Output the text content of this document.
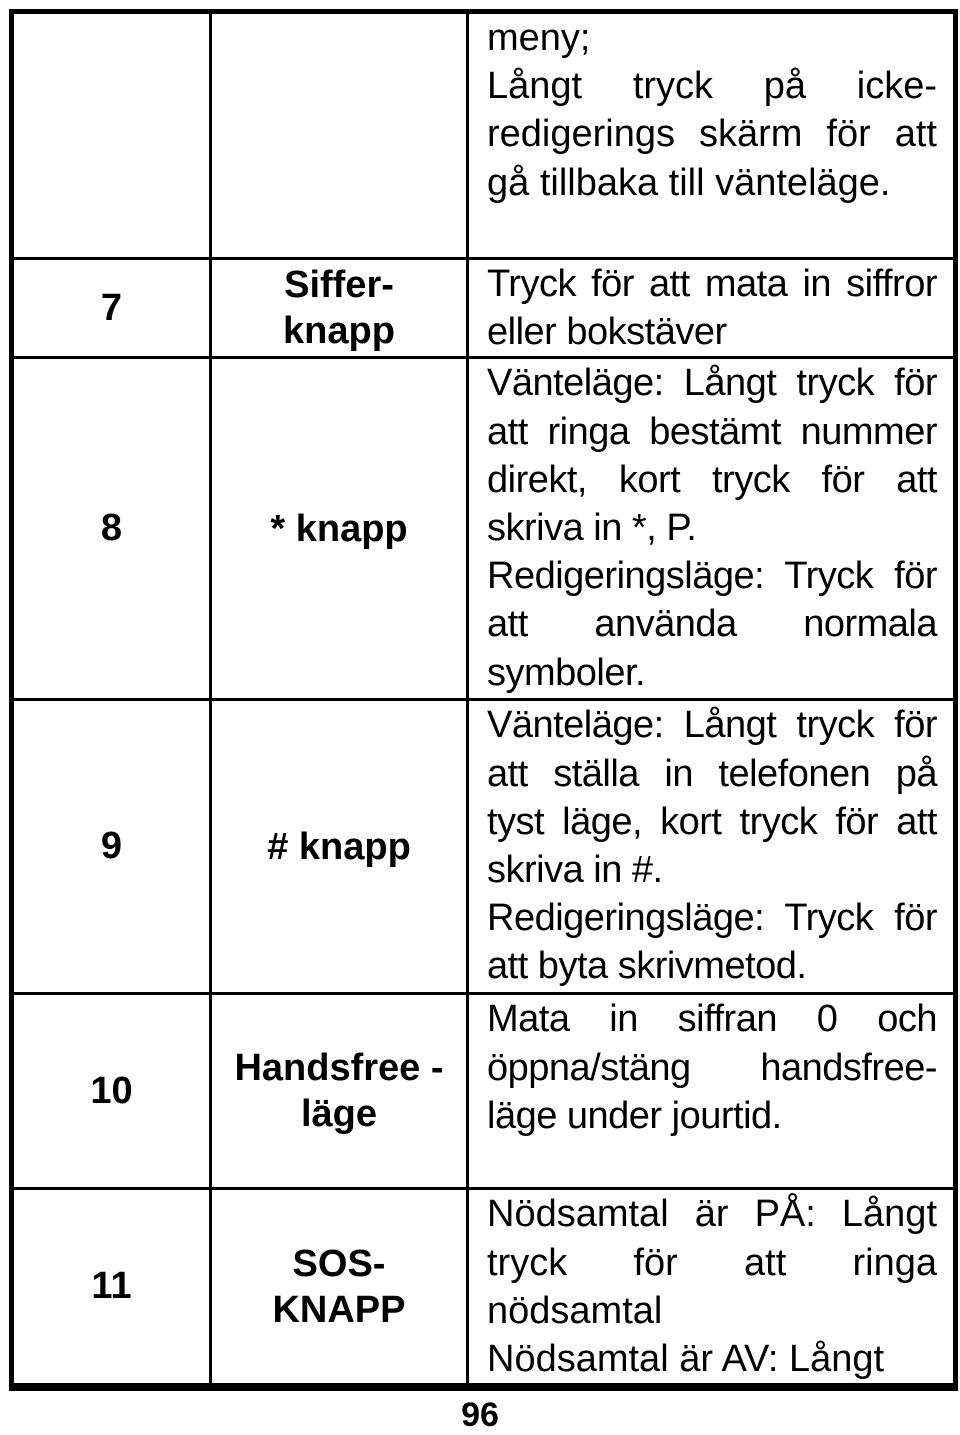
		meny;

Långt tryck på icke-redigerings skärm för att gå tillbaka till vänteläge.

7	Siffer-knapp	Tryck för att mata in siffror eller bokstäver

8	* knapp	Vänteläge: Långt tryck för att ringa bestämt nummer direkt, kort tryck för att skriva in *, P.

Redigeringsläge: Tryck för att använda normala symboler.

9	# knapp	Vänteläge: Långt tryck för att ställa in telefonen på tyst läge, kort tryck för att skriva in #.

Redigeringsläge: Tryck för att byta skrivmetod.

10	Handsfree -läge	Mata in siffran 0 och öppna/stäng handsfree-läge under jourtid.

11	SOS-KNAPP	Nödsamtal är PÅ: Långt tryck för att ringa nödsamtal

Nödsamtal är AV: Långt

96
